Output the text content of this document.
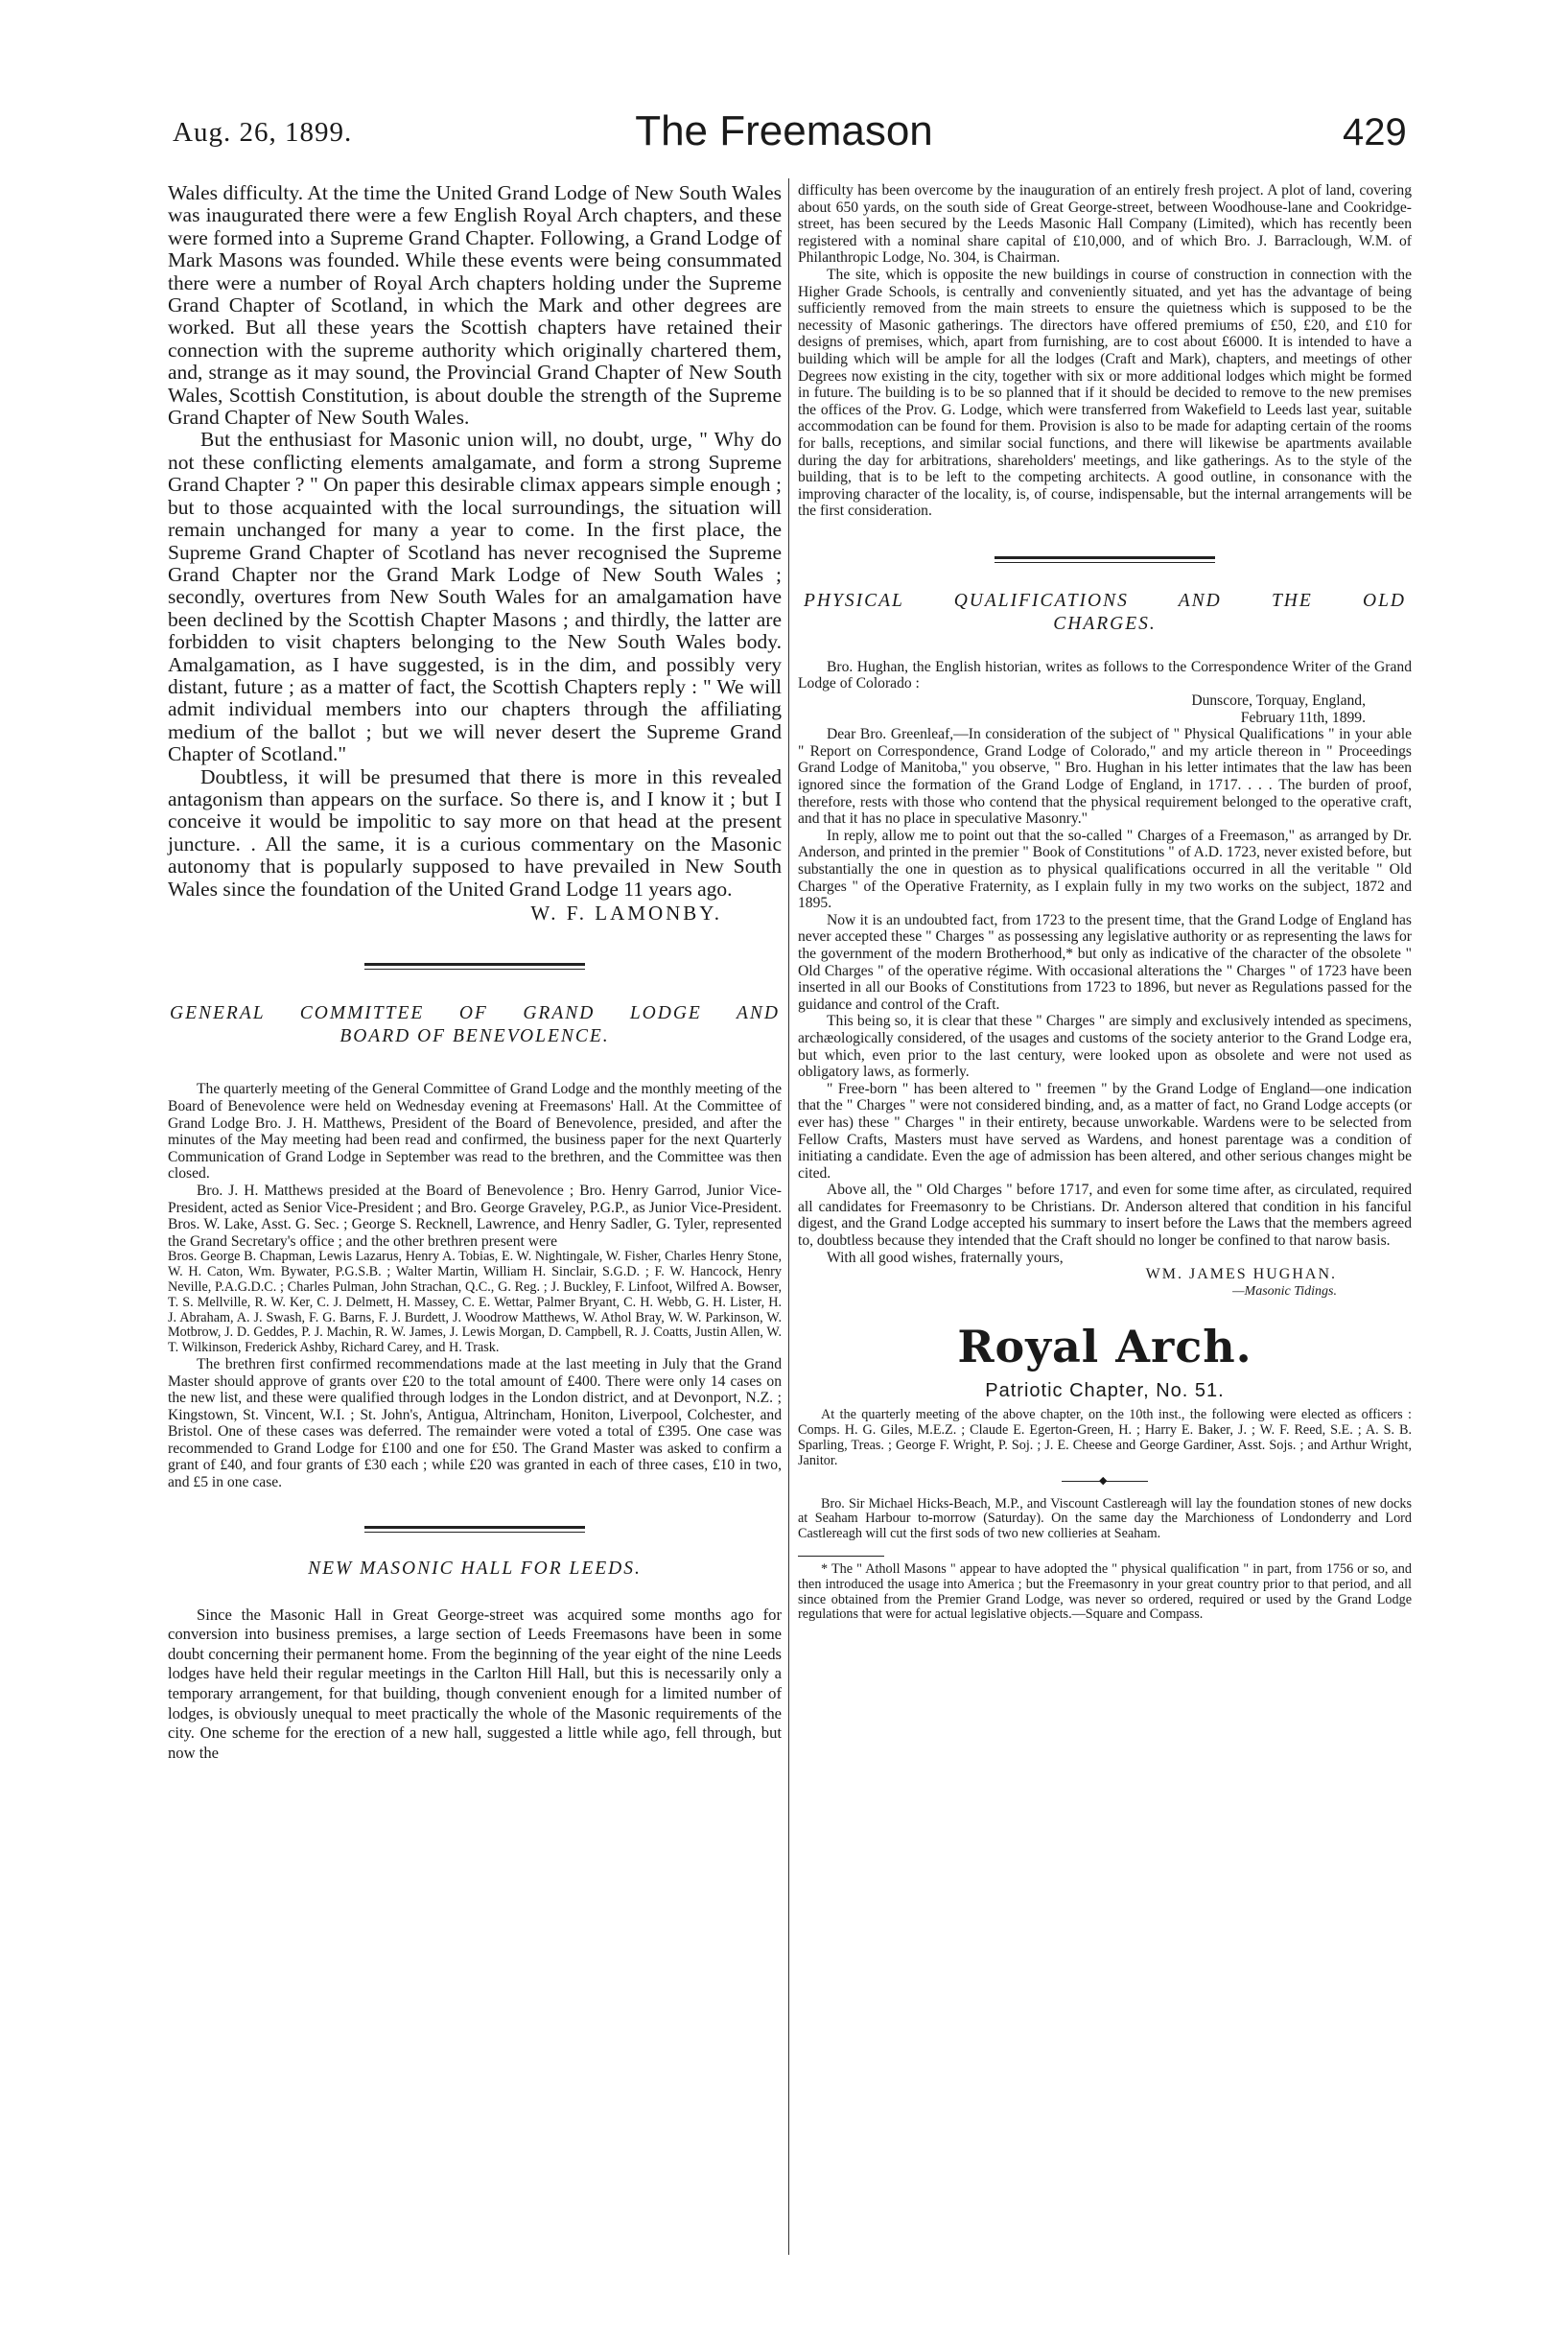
Aug. 26, 1899.	The Freemason	429

Wales difficulty. At the time the United Grand Lodge of New South Wales was inaugurated there were a few English Royal Arch chapters, and these were formed into a Supreme Grand Chapter. Following, a Grand Lodge of Mark Masons was founded. While these events were being consummated there were a number of Royal Arch chapters holding under the Supreme Grand Chapter of Scotland, in which the Mark and other degrees are worked. But all these years the Scottish chapters have retained their connection with the supreme authority which originally chartered them, and, strange as it may sound, the Provincial Grand Chapter of New South Wales, Scottish Constitution, is about double the strength of the Supreme Grand Chapter of New South Wales.

But the enthusiast for Masonic union will, no doubt, urge, " Why do not these conflicting elements amalgamate, and form a strong Supreme Grand Chapter ? " On paper this desirable climax appears simple enough ; but to those acquainted with the local surroundings, the situation will remain unchanged for many a year to come. In the first place, the Supreme Grand Chapter of Scotland has never recognised the Supreme Grand Chapter nor the Grand Mark Lodge of New South Wales ; secondly, overtures from New South Wales for an amalgamation have been declined by the Scottish Chapter Masons ; and thirdly, the latter are forbidden to visit chapters belonging to the New South Wales body. Amalgamation, as I have suggested, is in the dim, and possibly very distant, future ; as a matter of fact, the Scottish Chapters reply : " We will admit individual members into our chapters through the affiliating medium of the ballot ; but we will never desert the Supreme Grand Chapter of Scotland."

Doubtless, it will be presumed that there is more in this revealed antagonism than appears on the surface. So there is, and I know it ; but I conceive it would be impolitic to say more on that head at the present juncture. . All the same, it is a curious commentary on the Masonic autonomy that is popularly supposed to have prevailed in New South Wales since the foundation of the United Grand Lodge 11 years ago.

W. F. LAMONBY.
GENERAL COMMITTEE OF GRAND LODGE AND
BOARD OF BENEVOLENCE.

The quarterly meeting of the General Committee of Grand Lodge and the monthly meeting of the Board of Benevolence were held on Wednesday evening at Freemasons' Hall. At the Committee of Grand Lodge Bro. J. H. Matthews, President of the Board of Benevolence, presided, and after the minutes of the May meeting had been read and confirmed, the business paper for the next Quarterly Communication of Grand Lodge in September was read to the brethren, and the Committee was then closed.

Bro. J. H. Matthews presided at the Board of Benevolence ; Bro. Henry Garrod, Junior Vice-President, acted as Senior Vice-President ; and Bro. George Graveley, P.G.P., as Junior Vice-President. Bros. W. Lake, Asst. G. Sec. ; George S. Recknell, Lawrence, and Henry Sadler, G. Tyler, represented the Grand Secretary's office ; and the other brethren present were

Bros. George B. Chapman, Lewis Lazarus, Henry A. Tobias, E. W. Nightingale, W. Fisher, Charles Henry Stone, W. H. Caton, Wm. Bywater, P.G.S.B. ; Walter Martin, William H. Sinclair, S.G.D. ; F. W. Hancock, Henry Neville, P.A.G.D.C. ; Charles Pulman, John Strachan, Q.C., G. Reg. ; J. Buckley, F. Linfoot, Wilfred A. Bowser, T. S. Mellville, R. W. Ker, C. J. Delmett, H. Massey, C. E. Wettar, Palmer Bryant, C. H. Webb, G. H. Lister, H. J. Abraham, A. J. Swash, F. G. Barns, F. J. Burdett, J. Woodrow Matthews, W. Athol Bray, W. W. Parkinson, W. Motbrow, J. D. Geddes, P. J. Machin, R. W. James, J. Lewis Morgan, D. Campbell, R. J. Coatts, Justin Allen, W. T. Wilkinson, Frederick Ashby, Richard Carey, and H. Trask.

The brethren first confirmed recommendations made at the last meeting in July that the Grand Master should approve of grants over £20 to the total amount of £400. There were only 14 cases on the new list, and these were qualified through lodges in the London district, and at Devonport, N.Z. ; Kingstown, St. Vincent, W.I. ; St. John's, Antigua, Altrincham, Honiton, Liverpool, Colchester, and Bristol. One of these cases was deferred. The remainder were voted a total of £395. One case was recommended to Grand Lodge for £100 and one for £50. The Grand Master was asked to confirm a grant of £40, and four grants of £30 each ; while £20 was granted in each of three cases, £10 in two, and £5 in one case.

NEW MASONIC HALL FOR LEEDS.

Since the Masonic Hall in Great George-street was acquired some months ago for conversion into business premises, a large section of Leeds Freemasons have been in some doubt concerning their permanent home. From the beginning of the year eight of the nine Leeds lodges have held their regular meetings in the Carlton Hill Hall, but this is necessarily only a temporary arrangement, for that building, though convenient enough for a limited number of lodges, is obviously unequal to meet practically the whole of the Masonic requirements of the city. One scheme for the erection of a new hall, suggested a little while ago, fell through, but now the

difficulty has been overcome by the inauguration of an entirely fresh project. A plot of land, covering about 650 yards, on the south side of Great George-street, between Woodhouse-lane and Cookridge-street, has been secured by the Leeds Masonic Hall Company (Limited), which has recently been registered with a nominal share capital of £10,000, and of which Bro. J. Barraclough, W.M. of Philanthropic Lodge, No. 304, is Chairman.

The site, which is opposite the new buildings in course of construction in connection with the Higher Grade Schools, is centrally and conveniently situated, and yet has the advantage of being sufficiently removed from the main streets to ensure the quietness which is supposed to be the necessity of Masonic gatherings. The directors have offered premiums of £50, £20, and £10 for designs of premises, which, apart from furnishing, are to cost about £6000. It is intended to have a building which will be ample for all the lodges (Craft and Mark), chapters, and meetings of other Degrees now existing in the city, together with six or more additional lodges which might be formed in future. The building is to be so planned that if it should be decided to remove to the new premises the offices of the Prov. G. Lodge, which were transferred from Wakefield to Leeds last year, suitable accommodation can be found for them. Provision is also to be made for adapting certain of the rooms for balls, receptions, and similar social functions, and there will likewise be apartments available during the day for arbitrations, shareholders' meetings, and like gatherings. As to the style of the building, that is to be left to the competing architects. A good outline, in consonance with the improving character of the locality, is, of course, indispensable, but the internal arrangements will be the first consideration.

PHYSICAL QUALIFICATIONS AND THE OLD
CHARGES.

Bro. Hughan, the English historian, writes as follows to the Correspondence Writer of the Grand Lodge of Colorado :

Dunscore, Torquay, England,
February 11th, 1899.

Dear Bro. Greenleaf,—In consideration of the subject of " Physical Qualifications " in your able " Report on Correspondence, Grand Lodge of Colorado," and my article thereon in " Proceedings Grand Lodge of Manitoba," you observe, " Bro. Hughan in his letter intimates that the law has been ignored since the formation of the Grand Lodge of England, in 1717. . . . The burden of proof, therefore, rests with those who contend that the physical requirement belonged to the operative craft, and that it has no place in speculative Masonry."

In reply, allow me to point out that the so-called " Charges of a Freemason," as arranged by Dr. Anderson, and printed in the premier " Book of Constitutions " of A.D. 1723, never existed before, but substantially the one in question as to physical qualifications occurred in all the veritable " Old Charges " of the Operative Fraternity, as I explain fully in my two works on the subject, 1872 and 1895.

Now it is an undoubted fact, from 1723 to the present time, that the Grand Lodge of England has never accepted these " Charges " as possessing any legislative authority or as representing the laws for the government of the modern Brotherhood,* but only as indicative of the character of the obsolete " Old Charges " of the operative régime. With occasional alterations the " Charges " of 1723 have been inserted in all our Books of Constitutions from 1723 to 1896, but never as Regulations passed for the guidance and control of the Craft.

This being so, it is clear that these " Charges " are simply and exclusively intended as specimens, archæologically considered, of the usages and customs of the society anterior to the Grand Lodge era, but which, even prior to the last century, were looked upon as obsolete and were not used as obligatory laws, as formerly.

" Free-born " has been altered to " freemen " by the Grand Lodge of England—one indication that the " Charges " were not considered binding, and, as a matter of fact, no Grand Lodge accepts (or ever has) these " Charges " in their entirety, because unworkable. Wardens were to be selected from Fellow Crafts, Masters must have served as Wardens, and honest parentage was a condition of initiating a candidate. Even the age of admission has been altered, and other serious changes might be cited.

Above all, the " Old Charges " before 1717, and even for some time after, as circulated, required all candidates for Freemasonry to be Christians. Dr. Anderson altered that condition in his fanciful digest, and the Grand Lodge accepted his summary to insert before the Laws that the members agreed to, doubtless because they intended that the Craft should no longer be confined to that narow basis.

With all good wishes, fraternally yours,

WM. JAMES HUGHAN.
—Masonic Tidings.
Royal Arch.
Patriotic Chapter, No. 51.

At the quarterly meeting of the above chapter, on the 10th inst., the following were elected as officers : Comps. H. G. Giles, M.E.Z. ; Claude E. Egerton-Green, H. ; Harry E. Baker, J. ; W. F. Reed, S.E. ; A. S. B. Sparling, Treas. ; George F. Wright, P. Soj. ; J. E. Cheese and George Gardiner, Asst. Sojs. ; and Arthur Wright, Janitor.

◆

Bro. Sir Michael Hicks-Beach, M.P., and Viscount Castlereagh will lay the foundation stones of new docks at Seaham Harbour to-morrow (Saturday). On the same day the Marchioness of Londonderry and Lord Castlereagh will cut the first sods of two new collieries at Seaham.

* The " Atholl Masons " appear to have adopted the " physical qualification " in part, from 1756 or so, and then introduced the usage into America ; but the Freemasonry in your great country prior to that period, and all since obtained from the Premier Grand Lodge, was never so ordered, required or used by the Grand Lodge regulations that were for actual legislative objects.—Square and Compass.
